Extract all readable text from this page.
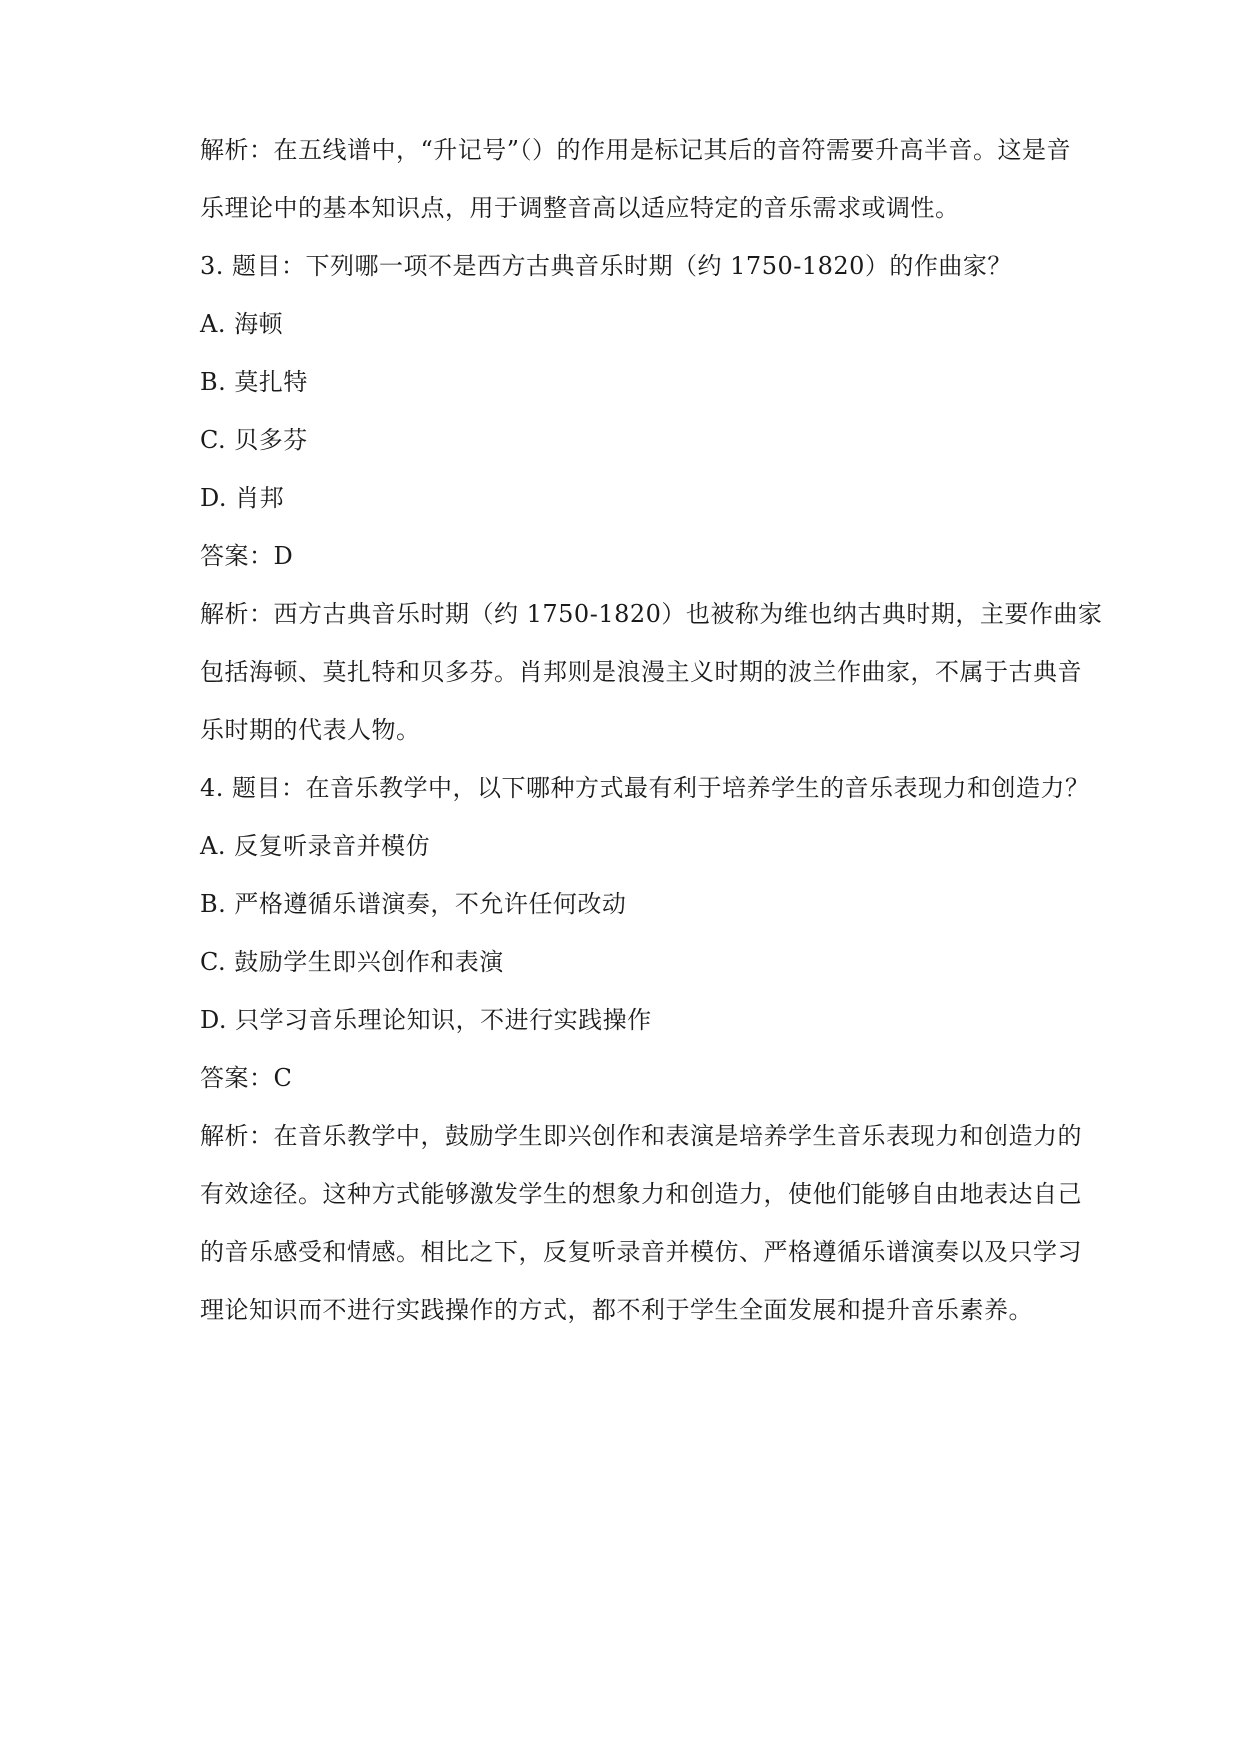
解析：在五线谱中，“升记号”（）的作用是标记其后的音符需要升高半音。这是音
乐理论中的基本知识点，用于调整音高以适应特定的音乐需求或调性。
3. 题目：下列哪一项不是西方古典音乐时期（约 1750-1820）的作曲家？
A. 海顿
B. 莫扎特
C. 贝多芬
D. 肖邦
答案：D
解析：西方古典音乐时期（约 1750-1820）也被称为维也纳古典时期，主要作曲家
包括海顿、莫扎特和贝多芬。肖邦则是浪漫主义时期的波兰作曲家，不属于古典音
乐时期的代表人物。
4. 题目：在音乐教学中，以下哪种方式最有利于培养学生的音乐表现力和创造力？
A. 反复听录音并模仿
B. 严格遵循乐谱演奏，不允许任何改动
C. 鼓励学生即兴创作和表演
D. 只学习音乐理论知识，不进行实践操作
答案：C
解析：在音乐教学中，鼓励学生即兴创作和表演是培养学生音乐表现力和创造力的
有效途径。这种方式能够激发学生的想象力和创造力，使他们能够自由地表达自己
的音乐感受和情感。相比之下，反复听录音并模仿、严格遵循乐谱演奏以及只学习
理论知识而不进行实践操作的方式，都不利于学生全面发展和提升音乐素养。
